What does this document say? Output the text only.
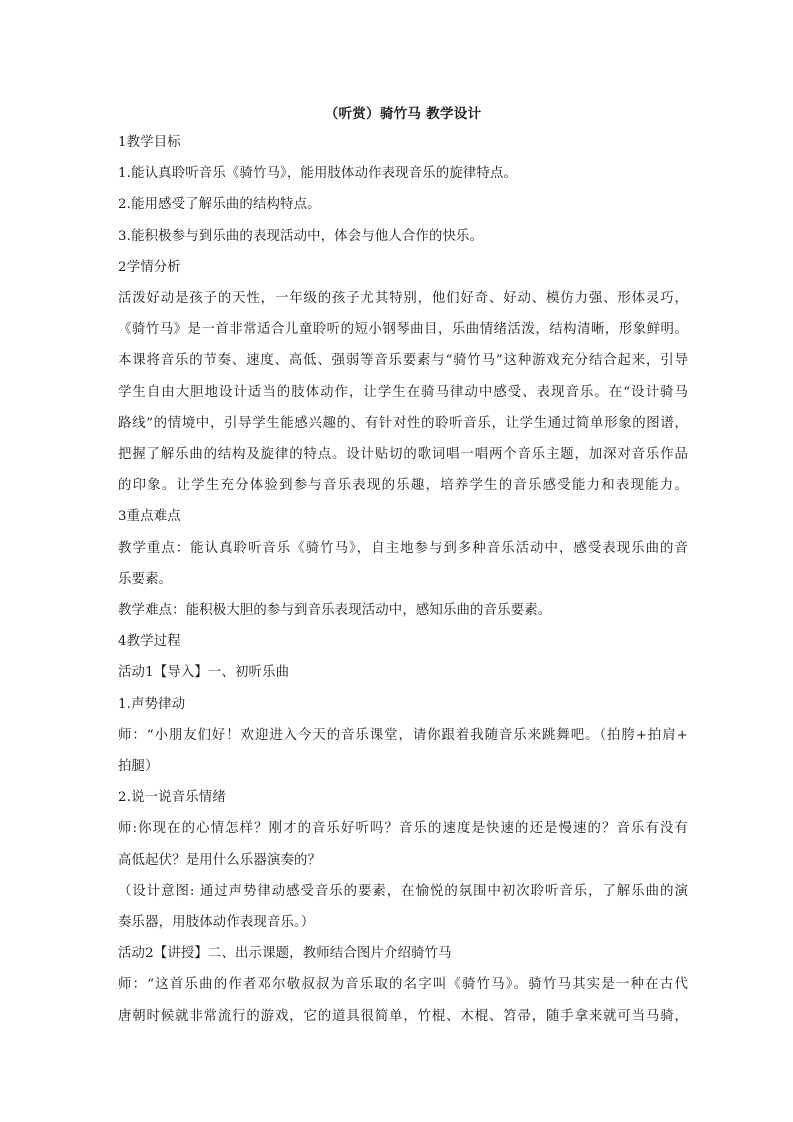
（听赏）骑竹马 教学设计

1教学目标

1.能认真聆听音乐《骑竹马》，能用肢体动作表现音乐的旋律特点。

2.能用感受了解乐曲的结构特点。

3.能积极参与到乐曲的表现活动中，体会与他人合作的快乐。

2学情分析

活泼好动是孩子的天性，一年级的孩子尤其特别，他们好奇、好动、模仿力强、形体灵巧，

《骑竹马》是一首非常适合儿童聆听的短小钢琴曲目，乐曲情绪活泼，结构清晰，形象鲜明。

本课将音乐的节奏、速度、高低、强弱等音乐要素与“骑竹马”这种游戏充分结合起来，引导

学生自由大胆地设计适当的肢体动作，让学生在骑马律动中感受、表现音乐。在“设计骑马

路线”的情境中，引导学生能感兴趣的、有针对性的聆听音乐，让学生通过简单形象的图谱，

把握了解乐曲的结构及旋律的特点。设计贴切的歌词唱一唱两个音乐主题，加深对音乐作品

的印象。让学生充分体验到参与音乐表现的乐趣，培养学生的音乐感受能力和表现能力。

3重点难点

教学重点：能认真聆听音乐《骑竹马》，自主地参与到多种音乐活动中，感受表现乐曲的音

乐要素。

教学难点：能积极大胆的参与到音乐表现活动中，感知乐曲的音乐要素。

4教学过程

活动1【导入】一、初听乐曲

1.声势律动

师：“小朋友们好！欢迎进入今天的音乐课堂，请你跟着我随音乐来跳舞吧。（拍胯+拍肩+

拍腿）

2.说一说音乐情绪

师:你现在的心情怎样？刚才的音乐好听吗？音乐的速度是快速的还是慢速的？音乐有没有

高低起伏？是用什么乐器演奏的？

（设计意图: 通过声势律动感受音乐的要素，在愉悦的氛围中初次聆听音乐，了解乐曲的演

奏乐器，用肢体动作表现音乐。）

活动2【讲授】二、出示课题，教师结合图片介绍骑竹马

师：“这首乐曲的作者邓尔敬叔叔为音乐取的名字叫《骑竹马》。骑竹马其实是一种在古代

唐朝时候就非常流行的游戏，它的道具很简单，竹棍、木棍、笤帚，随手拿来就可当马骑，
